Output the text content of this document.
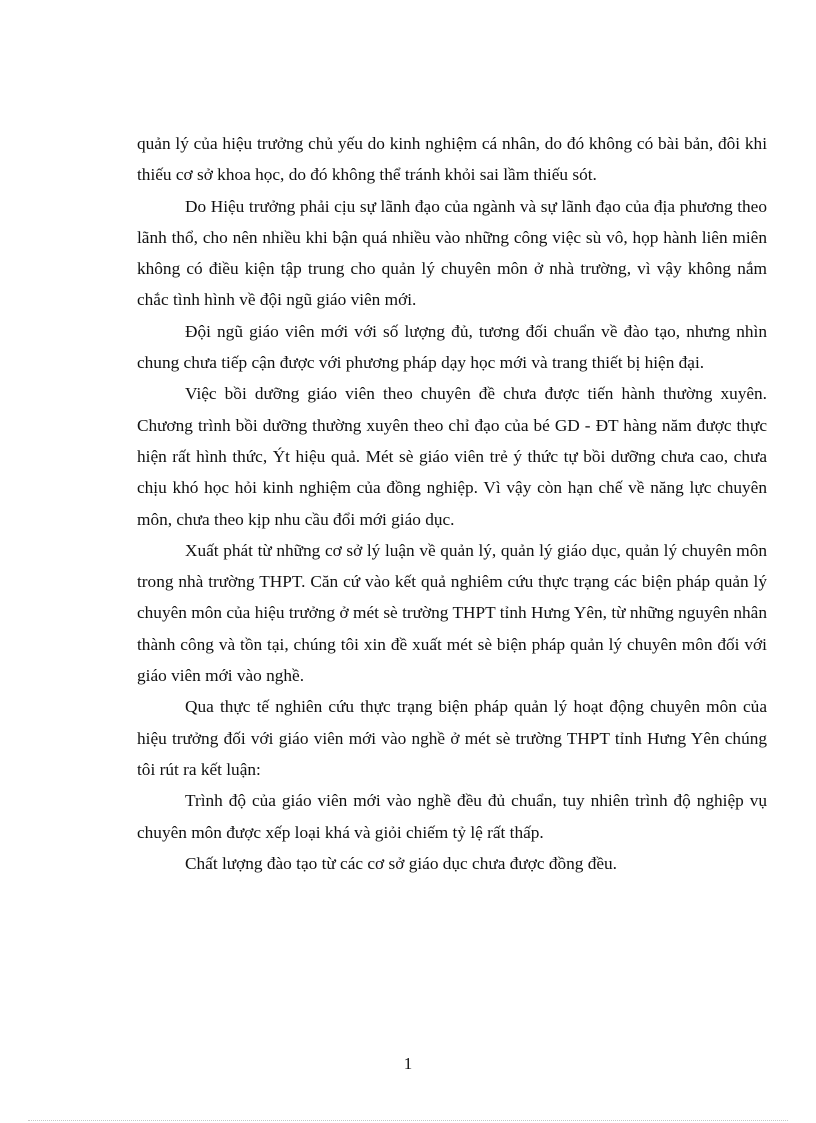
quản lý của hiệu trưởng chủ yếu do kinh nghiệm cá nhân, do đó không có bài bản, đôi khi thiếu cơ sở khoa học, do đó không thể tránh khỏi sai lầm thiếu sót.

Do Hiệu trưởng phải cịu sự lãnh đạo của ngành và sự lãnh đạo của địa phương theo lãnh thổ, cho nên nhiều khi bận quá nhiều vào những công việc sù vô, họp hành liên miên không có điều kiện tập trung cho quản lý chuyên môn ở nhà trường, vì vậy không nắm chắc tình hình về đội ngũ giáo viên mới.

Đội ngũ giáo viên mới với số lượng đủ, tương đối chuẩn về đào tạo, nhưng nhìn chung chưa tiếp cận được với phương pháp dạy học mới và trang thiết bị hiện đại.

Việc bồi dưỡng giáo viên theo chuyên đề chưa được tiến hành thường xuyên. Chương trình bồi dưỡng thường xuyên theo chỉ đạo của bé GD - ĐT hàng năm được thực hiện rất hình thức, Ýt hiệu quả. Mét sè giáo viên trẻ ý thức tự bồi dưỡng chưa cao, chưa chịu khó học hỏi kinh nghiệm của đồng nghiệp. Vì vậy còn hạn chế về năng lực chuyên môn, chưa theo kịp nhu cầu đổi mới giáo dục.

Xuất phát từ những cơ sở lý luận về quản lý, quản lý giáo dục, quản lý chuyên môn trong nhà trường THPT. Căn cứ vào kết quả nghiêm cứu thực trạng các biện pháp quản lý chuyên môn của hiệu trưởng ở mét sè trường THPT tỉnh Hưng Yên, từ những nguyên nhân thành công và tồn tại, chúng tôi xin đề xuất mét sè biện pháp quản lý chuyên môn đối với giáo viên mới vào nghề.

Qua thực tế nghiên cứu thực trạng biện pháp quản lý hoạt động chuyên môn của hiệu trưởng đối với giáo viên mới vào nghề ở mét sè trường THPT tỉnh Hưng Yên chúng tôi rút ra kết luận:

Trình độ của giáo viên mới vào nghề đều đủ chuẩn, tuy nhiên trình độ nghiệp vụ chuyên môn được xếp loại khá và giỏi chiếm tỷ lệ rất thấp.

Chất lượng đào tạo từ các cơ sở giáo dục chưa được đồng đều.

1
